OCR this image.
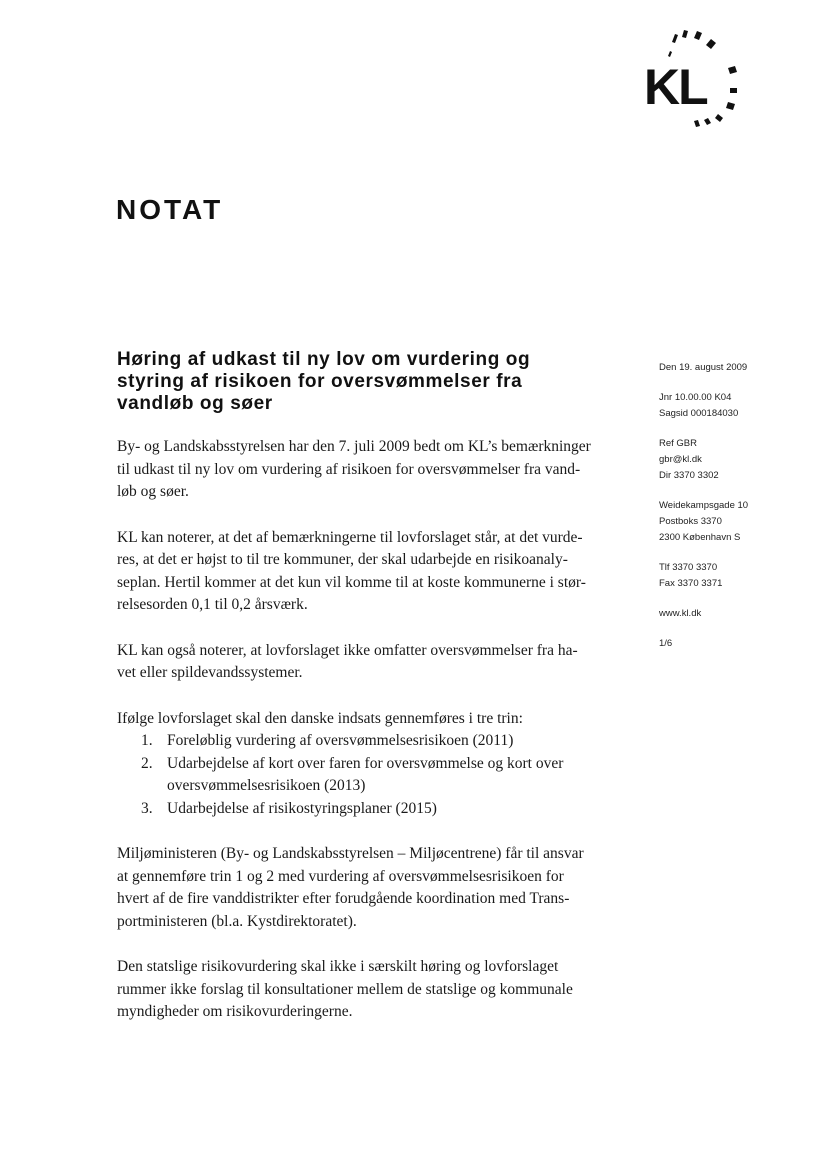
KL
NOTAT
Høring af udkast til ny lov om vurdering og
styring af risikoen for oversvømmelser fra
vandløb og søer

By- og Landskabsstyrelsen har den 7. juli 2009 bedt om KL’s bemærkninger
til udkast til ny lov om vurdering af risikoen for oversvømmelser fra vand-
løb og søer.

KL kan noterer, at det af bemærkningerne til lovforslaget står, at det vurde-
res, at det er højst to til tre kommuner, der skal udarbejde en risikoanaly-
seplan. Hertil kommer at det kun vil komme til at koste kommunerne i stør-
relsesorden 0,1 til 0,2 årsværk.

KL kan også noterer, at lovforslaget ikke omfatter oversvømmelser fra ha-
vet eller spildevandssystemer.

Ifølge lovforslaget skal den danske indsats gennemføres i tre trin:

1. Foreløblig vurdering af oversvømmelsesrisikoen (2011)
2. Udarbejdelse af kort over faren for oversvømmelse og kort over
oversvømmelsesrisikoen (2013)
3. Udarbejdelse af risikostyringsplaner (2015)

Miljøministeren (By- og Landskabsstyrelsen – Miljøcentrene) får til ansvar
at gennemføre trin 1 og 2 med vurdering af oversvømmelsesrisikoen for
hvert af de fire vanddistrikter efter forudgående koordination med Trans-
portministeren (bl.a. Kystdirektoratet).

Den statslige risikovurdering skal ikke i særskilt høring og lovforslaget
rummer ikke forslag til konsultationer mellem de statslige og kommunale
myndigheder om risikovurderingerne.

Den 19. august 2009
Jnr 10.00.00 K04
Sagsid 000184030
Ref GBR
gbr@kl.dk
Dir 3370 3302
Weidekampsgade 10
Postboks 3370
2300 København S
Tlf 3370 3370
Fax 3370 3371
www.kl.dk
1/6
